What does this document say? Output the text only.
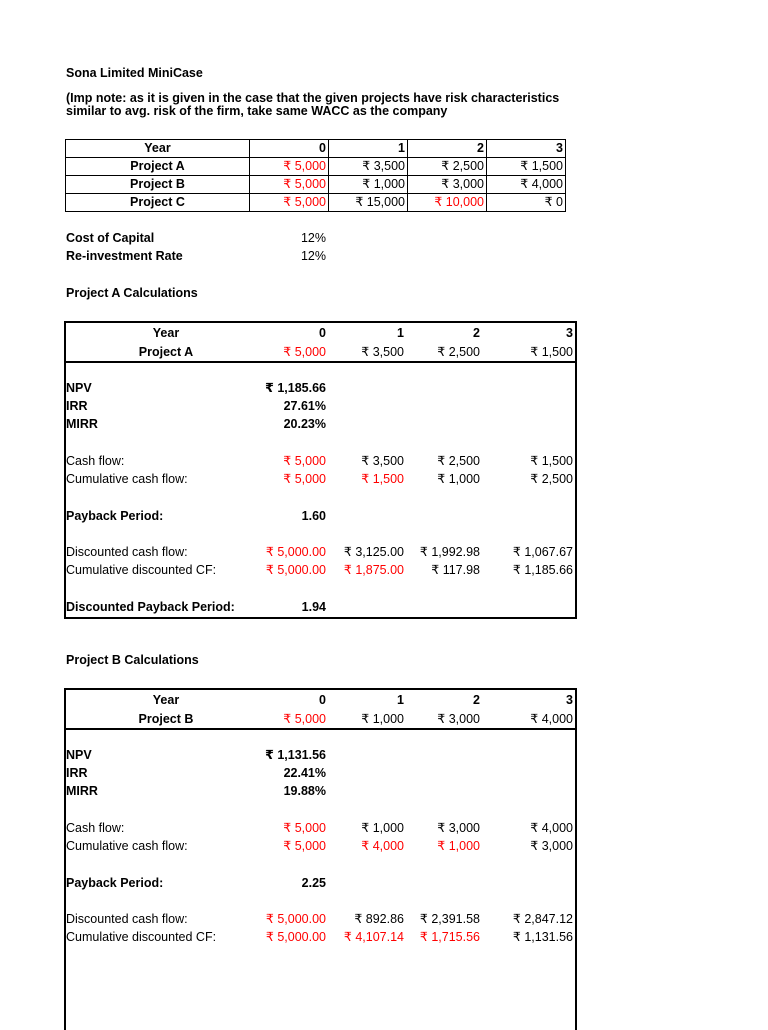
Sona Limited MiniCase
(Imp note: as it is given in the case that the given projects have risk characteristics
similar to avg. risk of the firm, take same WACC as the company
Year	0	1	2	3
Project A	₹ 5,000	₹ 3,500	₹ 2,500	₹ 1,500
Project B	₹ 5,000	₹ 1,000	₹ 3,000	₹ 4,000
Project C	₹ 5,000	₹ 15,000	₹ 10,000	₹ 0
Cost of Capital	12%
Re-investment Rate	12%
Project A Calculations
Year	0	1	2	3
Project A	₹ 5,000	₹ 3,500	₹ 2,500	₹ 1,500
NPV	₹ 1,185.66
IRR	27.61%
MIRR	20.23%
Cash flow:	₹ 5,000	₹ 3,500	₹ 2,500	₹ 1,500
Cumulative cash flow:	₹ 5,000	₹ 1,500	₹ 1,000	₹ 2,500
Payback Period:	1.60
Discounted cash flow:	₹ 5,000.00	₹ 3,125.00	₹ 1,992.98	₹ 1,067.67
Cumulative discounted CF:	₹ 5,000.00	₹ 1,875.00	₹ 117.98	₹ 1,185.66
Discounted Payback Period:	1.94
Project B Calculations
Year	0	1	2	3
Project B	₹ 5,000	₹ 1,000	₹ 3,000	₹ 4,000
NPV	₹ 1,131.56
IRR	22.41%
MIRR	19.88%
Cash flow:	₹ 5,000	₹ 1,000	₹ 3,000	₹ 4,000
Cumulative cash flow:	₹ 5,000	₹ 4,000	₹ 1,000	₹ 3,000
Payback Period:	2.25
Discounted cash flow:	₹ 5,000.00	₹ 892.86	₹ 2,391.58	₹ 2,847.12
Cumulative discounted CF:	₹ 5,000.00	₹ 4,107.14	₹ 1,715.56	₹ 1,131.56
